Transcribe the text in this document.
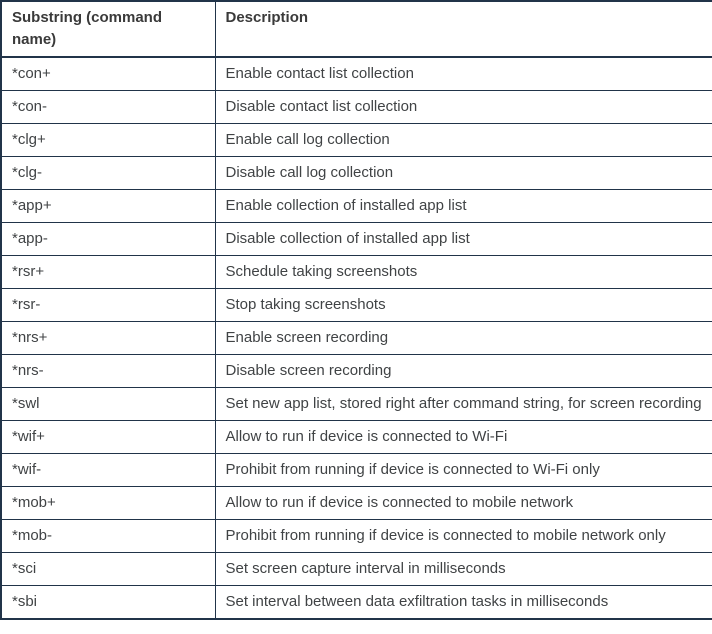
Substring (command name)	Description
*con+	Enable contact list collection
*con-	Disable contact list collection
*clg+	Enable call log collection
*clg-	Disable call log collection
*app+	Enable collection of installed app list
*app-	Disable collection of installed app list
*rsr+	Schedule taking screenshots
*rsr-	Stop taking screenshots
*nrs+	Enable screen recording
*nrs-	Disable screen recording
*swl	Set new app list, stored right after command string, for screen recording
*wif+	Allow to run if device is connected to Wi-Fi
*wif-	Prohibit from running if device is connected to Wi-Fi only
*mob+	Allow to run if device is connected to mobile network
*mob-	Prohibit from running if device is connected to mobile network only
*sci	Set screen capture interval in milliseconds
*sbi	Set interval between data exfiltration tasks in milliseconds
